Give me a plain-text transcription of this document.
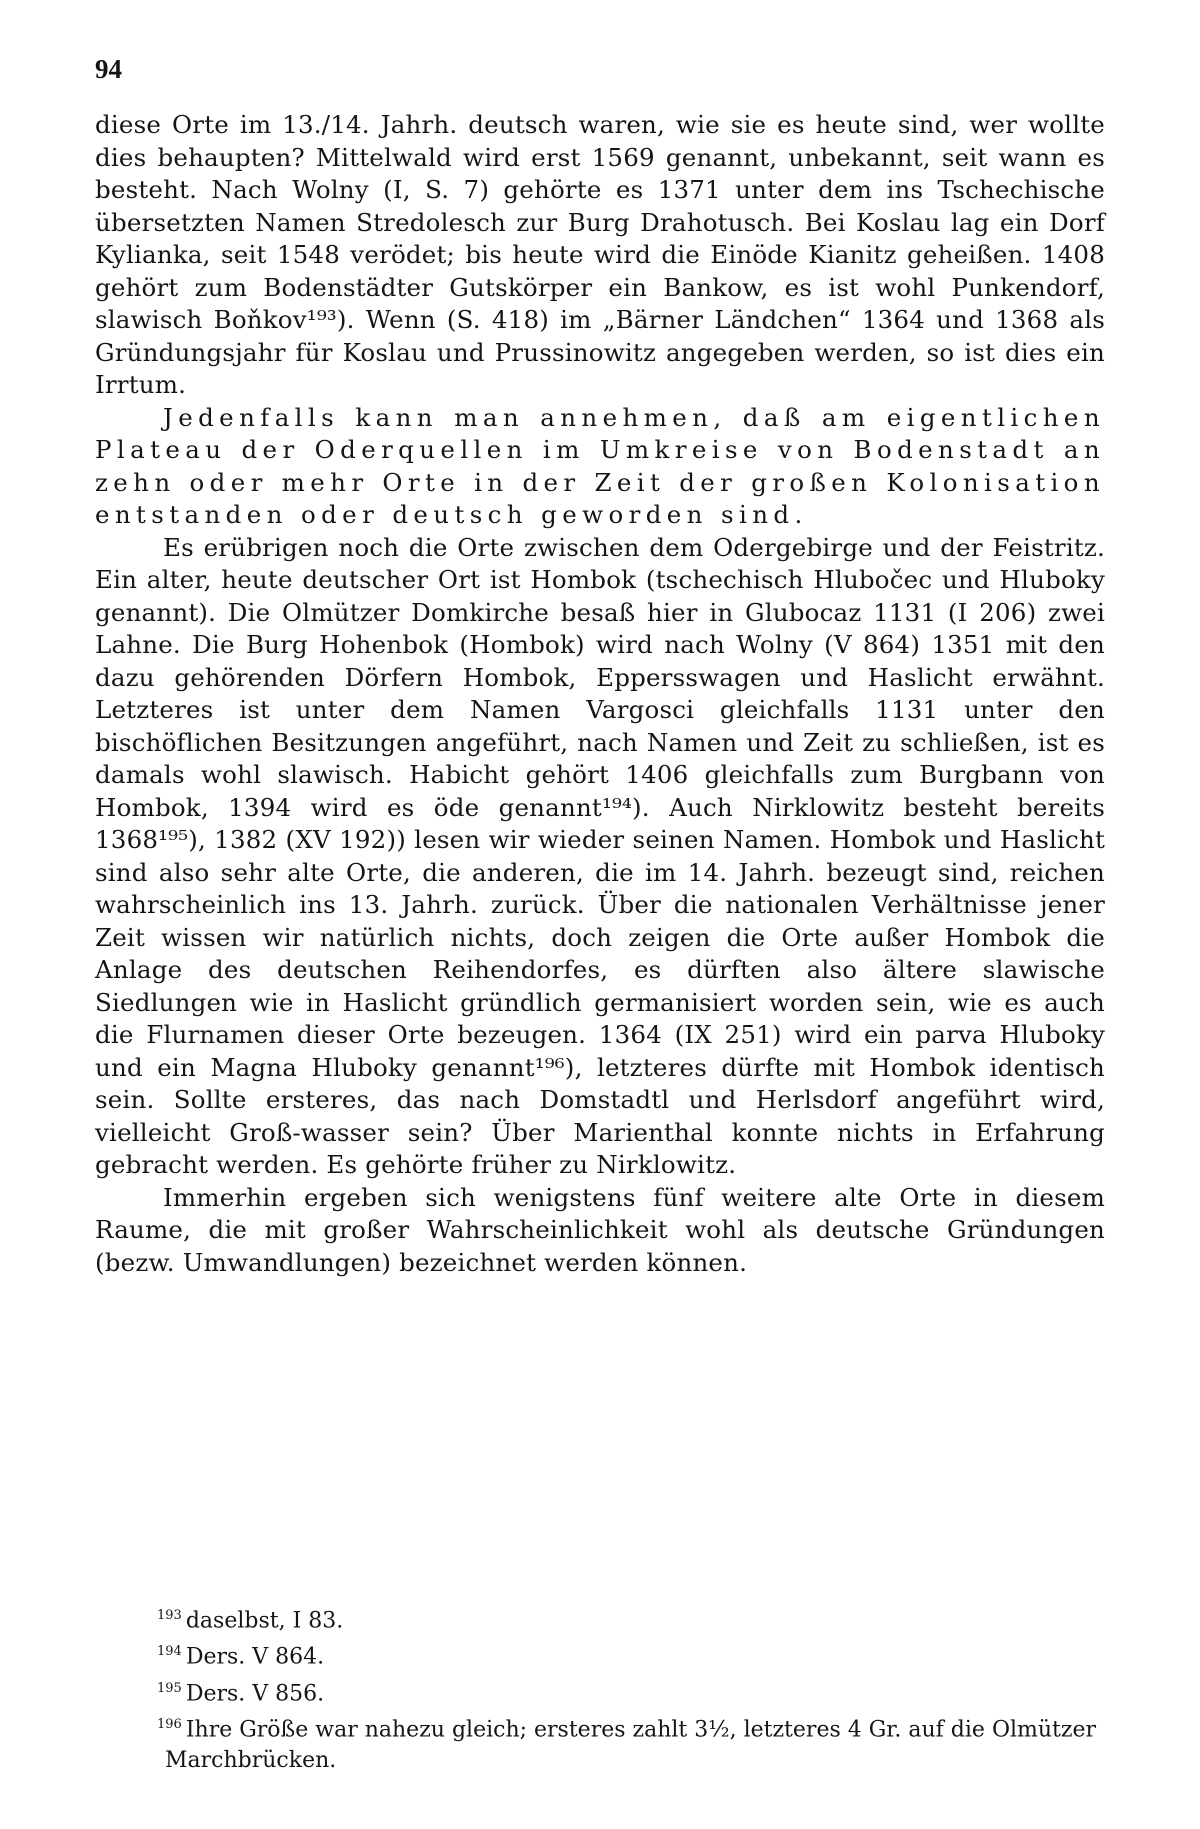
94

diese Orte im 13./14. Jahrh. deutsch waren, wie sie es heute sind, wer wollte dies behaupten? Mittelwald wird erst 1569 genannt, unbekannt, seit wann es besteht. Nach Wolny (I, S. 7) gehörte es 1371 unter dem ins Tschechische übersetzten Namen Stredolesch zur Burg Drahotusch. Bei Koslau lag ein Dorf Kylianka, seit 1548 verödet; bis heute wird die Einöde Kianitz geheißen. 1408 gehört zum Bodenstädter Gutskörper ein Bankow, es ist wohl Punkendorf, slawisch Boňkov¹⁹³). Wenn (S. 418) im „Bärner Ländchen“ 1364 und 1368 als Gründungsjahr für Koslau und Prussinowitz angegeben werden, so ist dies ein Irrtum.

Jedenfalls kann man annehmen, daß am eigentlichen Plateau der Oderquellen im Umkreise von Bodenstadt an zehn oder mehr Orte in der Zeit der großen Kolonisation entstanden oder deutsch geworden sind.

Es erübrigen noch die Orte zwischen dem Odergebirge und der Feistritz. Ein alter, heute deutscher Ort ist Hombok (tschechisch Hlubočec und Hluboky genannt). Die Olmützer Domkirche besaß hier in Glubocaz 1131 (I 206) zwei Lahne. Die Burg Hohenbok (Hombok) wird nach Wolny (V 864) 1351 mit den dazu gehörenden Dörfern Hombok, Eppersswagen und Haslicht erwähnt. Letzteres ist unter dem Namen Vargosci gleichfalls 1131 unter den bischöflichen Besitzungen angeführt, nach Namen und Zeit zu schließen, ist es damals wohl slawisch. Habicht gehört 1406 gleichfalls zum Burgbann von Hombok, 1394 wird es öde genannt¹⁹⁴). Auch Nirklowitz besteht bereits 1368¹⁹⁵), 1382 (XV 192)) lesen wir wieder seinen Namen. Hombok und Haslicht sind also sehr alte Orte, die anderen, die im 14. Jahrh. bezeugt sind, reichen wahrscheinlich ins 13. Jahrh. zurück. Über die nationalen Verhältnisse jener Zeit wissen wir natürlich nichts, doch zeigen die Orte außer Hombok die Anlage des deutschen Reihendorfes, es dürften also ältere slawische Siedlungen wie in Haslicht gründlich germanisiert worden sein, wie es auch die Flurnamen dieser Orte bezeugen. 1364 (IX 251) wird ein parva Hluboky und ein Magna Hluboky genannt¹⁹⁶), letzteres dürfte mit Hombok identisch sein. Sollte ersteres, das nach Domstadtl und Herlsdorf angeführt wird, vielleicht Groß-wasser sein? Über Marienthal konnte nichts in Erfahrung gebracht werden. Es gehörte früher zu Nirklowitz.

Immerhin ergeben sich wenigstens fünf weitere alte Orte in diesem Raume, die mit großer Wahrscheinlichkeit wohl als deutsche Gründungen (bezw. Umwandlungen) bezeichnet werden können.

$^{193}$ daselbst, I 83.

$^{194}$ Ders. V 864.

$^{195}$ Ders. V 856.

$^{196}$ Ihre Größe war nahezu gleich; ersteres zahlt 3½, letzteres 4 Gr. auf die Olmützer Marchbrücken.
